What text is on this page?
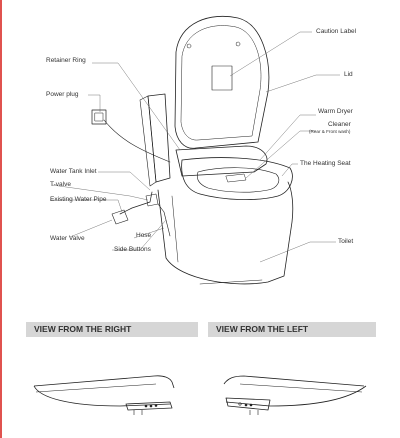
Caution Label
Lid
Retainer Ring
Power plug
Warm Dryer
Cleaner
(Rear & Front wash)
The Heating Seat
Water Tank Inlet
T-valve
Existing Water Pipe
Hose
Water Valve
Side Buttons
Toilet
VIEW FROM THE RIGHT	VIEW FROM THE LEFT
